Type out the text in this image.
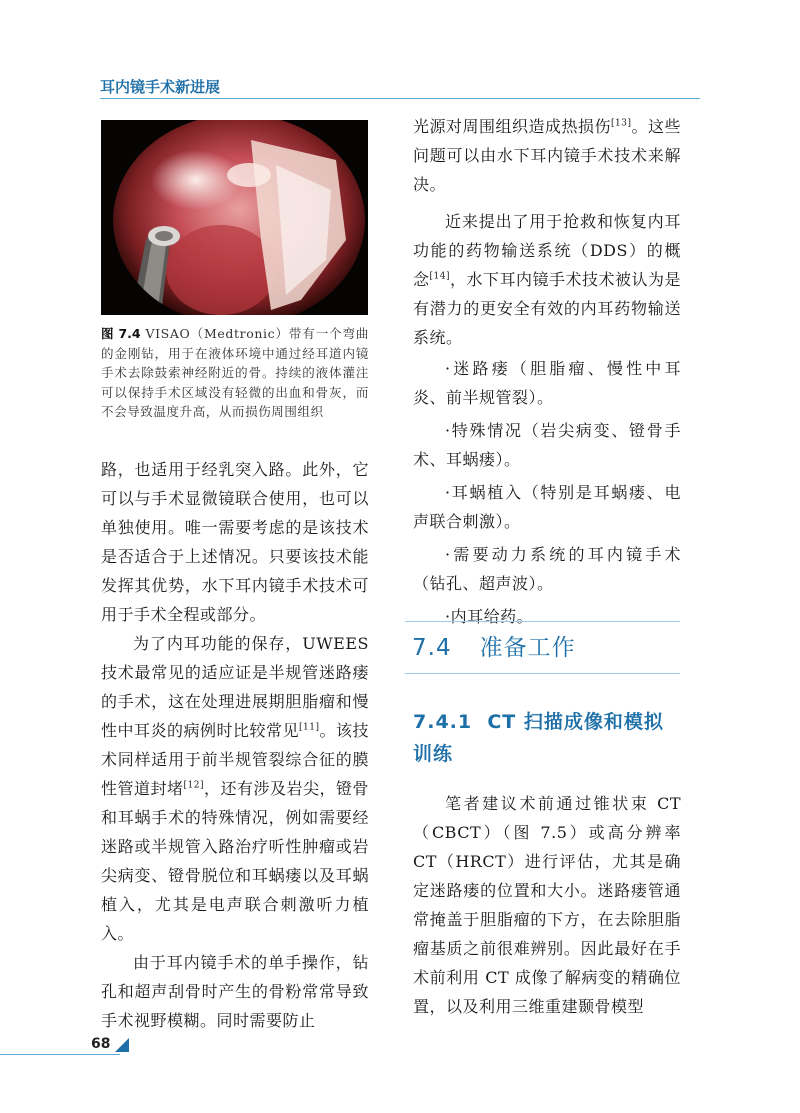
耳内镜手术新进展
图 7.4 VISAO（Medtronic）带有一个弯曲的金刚钻，用于在液体环境中通过经耳道内镜手术去除鼓索神经附近的骨。持续的液体灌注可以保持手术区域没有轻微的出血和骨灰，而不会导致温度升高，从而损伤周围组织

路，也适用于经乳突入路。此外，它可以与手术显微镜联合使用，也可以单独使用。唯一需要考虑的是该技术是否适合于上述情况。只要该技术能发挥其优势，水下耳内镜手术技术可用于手术全程或部分。

为了内耳功能的保存，UWEES技术最常见的适应证是半规管迷路瘘的手术，这在处理进展期胆脂瘤和慢性中耳炎的病例时比较常见[11]。该技术同样适用于前半规管裂综合征的膜性管道封堵[12]，还有涉及岩尖，镫骨和耳蜗手术的特殊情况，例如需要经迷路或半规管入路治疗听性肿瘤或岩尖病变、镫骨脱位和耳蜗瘘以及耳蜗植入，尤其是电声联合刺激听力植入。

由于耳内镜手术的单手操作，钻孔和超声刮骨时产生的骨粉常常导致手术视野模糊。同时需要防止

光源对周围组织造成热损伤[13]。这些问题可以由水下耳内镜手术技术来解决。

近来提出了用于抢救和恢复内耳功能的药物输送系统（DDS）的概念[14]，水下耳内镜手术技术被认为是有潜力的更安全有效的内耳药物输送系统。

·迷路瘘（胆脂瘤、慢性中耳炎、前半规管裂）。

·特殊情况（岩尖病变、镫骨手术、耳蜗瘘）。

·耳蜗植入（特别是耳蜗瘘、电声联合刺激）。

·需要动力系统的耳内镜手术（钻孔、超声波）。

·内耳给药。

7.4 准备工作
7.4.1 CT 扫描成像和模拟训练

笔者建议术前通过锥状束 CT（CBCT）（图 7.5）或高分辨率 CT（HRCT）进行评估，尤其是确定迷路瘘的位置和大小。迷路瘘管通常掩盖于胆脂瘤的下方，在去除胆脂瘤基质之前很难辨别。因此最好在手术前利用 CT 成像了解病变的精确位置，以及利用三维重建颞骨模型

68
